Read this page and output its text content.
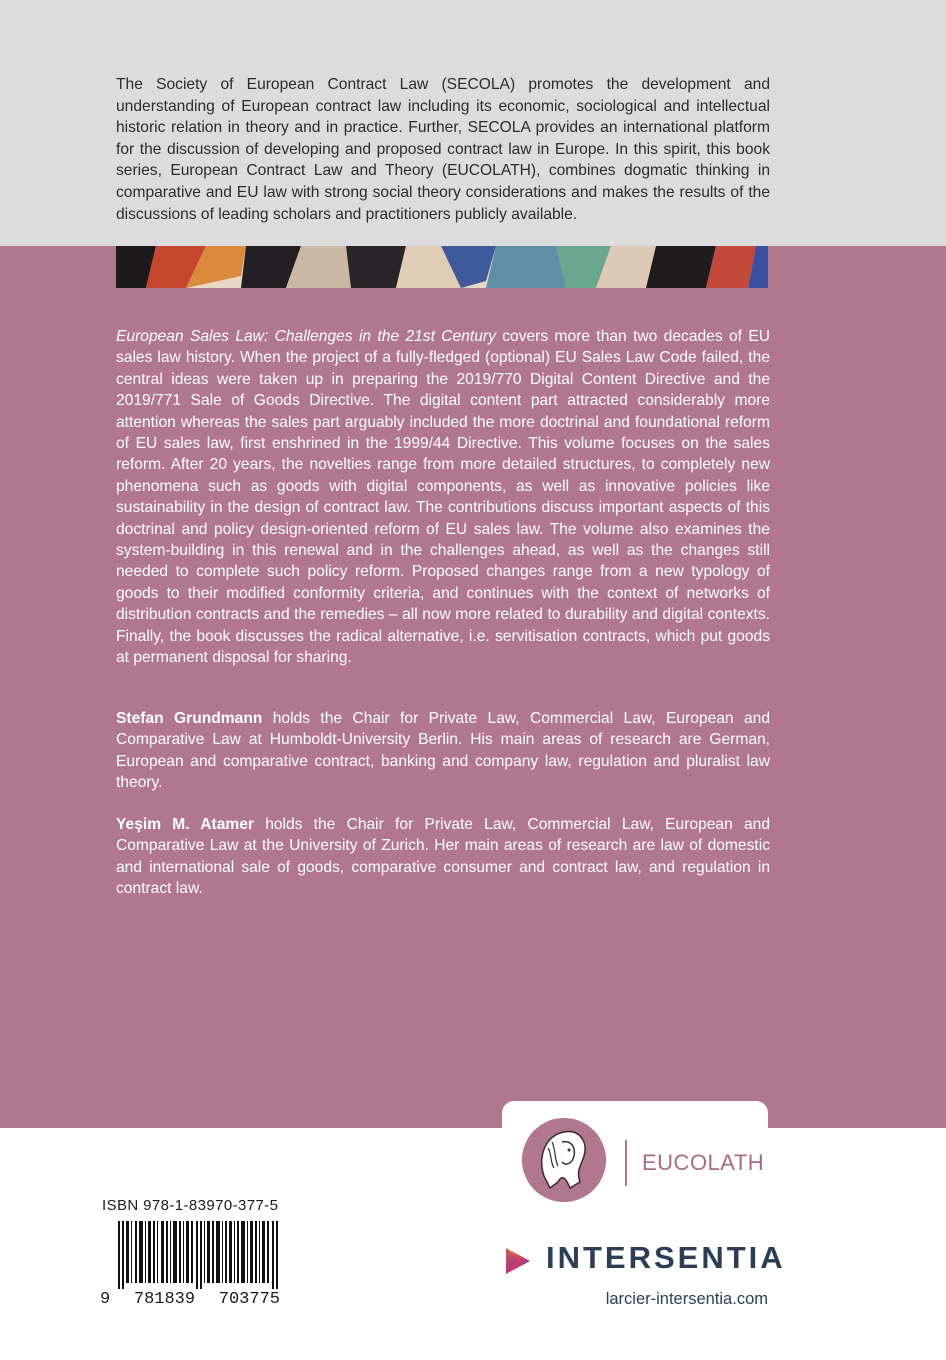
The Society of European Contract Law (SECOLA) promotes the development and understanding of European contract law including its economic, sociological and intellectual historic relation in theory and in practice. Further, SECOLA provides an international platform for the discussion of developing and proposed contract law in Europe. In this spirit, this book series, European Contract Law and Theory (EUCOLATH), combines dogmatic thinking in comparative and EU law with strong social theory considerations and makes the results of the discussions of leading scholars and practitioners publicly available.

European Sales Law: Challenges in the 21st Century covers more than two decades of EU sales law history. When the project of a fully-fledged (optional) EU Sales Law Code failed, the central ideas were taken up in preparing the 2019/770 Digital Content Directive and the 2019/771 Sale of Goods Directive. The digital content part attracted considerably more attention whereas the sales part arguably included the more doctrinal and foundational reform of EU sales law, first enshrined in the 1999/44 Directive. This volume focuses on the sales reform. After 20 years, the novelties range from more detailed structures, to completely new phenomena such as goods with digital components, as well as innovative policies like sustainability in the design of contract law. The contributions discuss important aspects of this doctrinal and policy design-oriented reform of EU sales law. The volume also examines the system-building in this renewal and in the challenges ahead, as well as the changes still needed to complete such policy reform. Proposed changes range from a new typology of goods to their modified conformity criteria, and continues with the context of networks of distribution contracts and the remedies – all now more related to durability and digital contexts. Finally, the book discusses the radical alternative, i.e. servitisation contracts, which put goods at permanent disposal for sharing.

Stefan Grundmann holds the Chair for Private Law, Commercial Law, European and Comparative Law at Humboldt-University Berlin. His main areas of research are German, European and comparative contract, banking and company law, regulation and pluralist law theory.

Yeşim M. Atamer holds the Chair for Private Law, Commercial Law, European and Comparative Law at the University of Zurich. Her main areas of research are law of domestic and international sale of goods, comparative consumer and contract law, and regulation in contract law.

EUCOLATH
ISBN 978-1-83970-377-5
9 781839 703775
INTERSENTIA
larcier-intersentia.com
